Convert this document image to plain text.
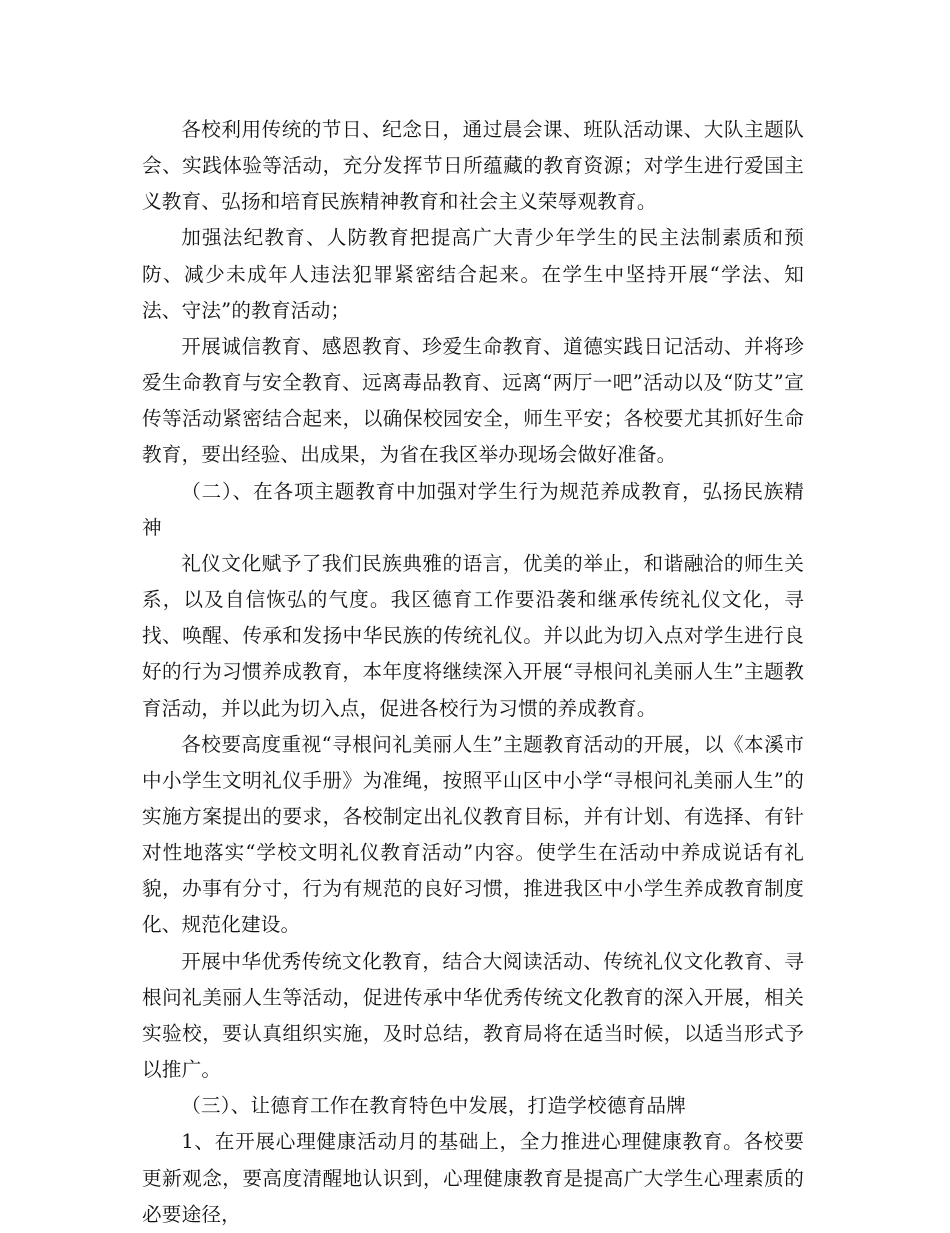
各校利用传统的节日、纪念日，通过晨会课、班队活动课、大队主题队会、实践体验等活动，充分发挥节日所蕴藏的教育资源；对学生进行爱国主义教育、弘扬和培育民族精神教育和社会主义荣辱观教育。

加强法纪教育、人防教育把提高广大青少年学生的民主法制素质和预防、减少未成年人违法犯罪紧密结合起来。在学生中坚持开展“学法、知法、守法”的教育活动；

开展诚信教育、感恩教育、珍爱生命教育、道德实践日记活动、并将珍爱生命教育与安全教育、远离毒品教育、远离“两厅一吧”活动以及“防艾”宣传等活动紧密结合起来，以确保校园安全，师生平安；各校要尤其抓好生命教育，要出经验、出成果，为省在我区举办现场会做好准备。

（二）、在各项主题教育中加强对学生行为规范养成教育，弘扬民族精神

礼仪文化赋予了我们民族典雅的语言，优美的举止，和谐融洽的师生关系，以及自信恢弘的气度。我区德育工作要沿袭和继承传统礼仪文化，寻找、唤醒、传承和发扬中华民族的传统礼仪。并以此为切入点对学生进行良好的行为习惯养成教育，本年度将继续深入开展“寻根问礼美丽人生”主题教育活动，并以此为切入点，促进各校行为习惯的养成教育。

各校要高度重视“寻根问礼美丽人生”主题教育活动的开展，以《本溪市中小学生文明礼仪手册》为准绳，按照平山区中小学“寻根问礼美丽人生”的实施方案提出的要求，各校制定出礼仪教育目标，并有计划、有选择、有针对性地落实“学校文明礼仪教育活动”内容。使学生在活动中养成说话有礼貌，办事有分寸，行为有规范的良好习惯，推进我区中小学生养成教育制度化、规范化建设。

开展中华优秀传统文化教育，结合大阅读活动、传统礼仪文化教育、寻根问礼美丽人生等活动，促进传承中华优秀传统文化教育的深入开展，相关实验校，要认真组织实施，及时总结，教育局将在适当时候，以适当形式予以推广。

（三）、让德育工作在教育特色中发展，打造学校德育品牌

1、在开展心理健康活动月的基础上，全力推进心理健康教育。各校要更新观念，要高度清醒地认识到，心理健康教育是提高广大学生心理素质的必要途径，
